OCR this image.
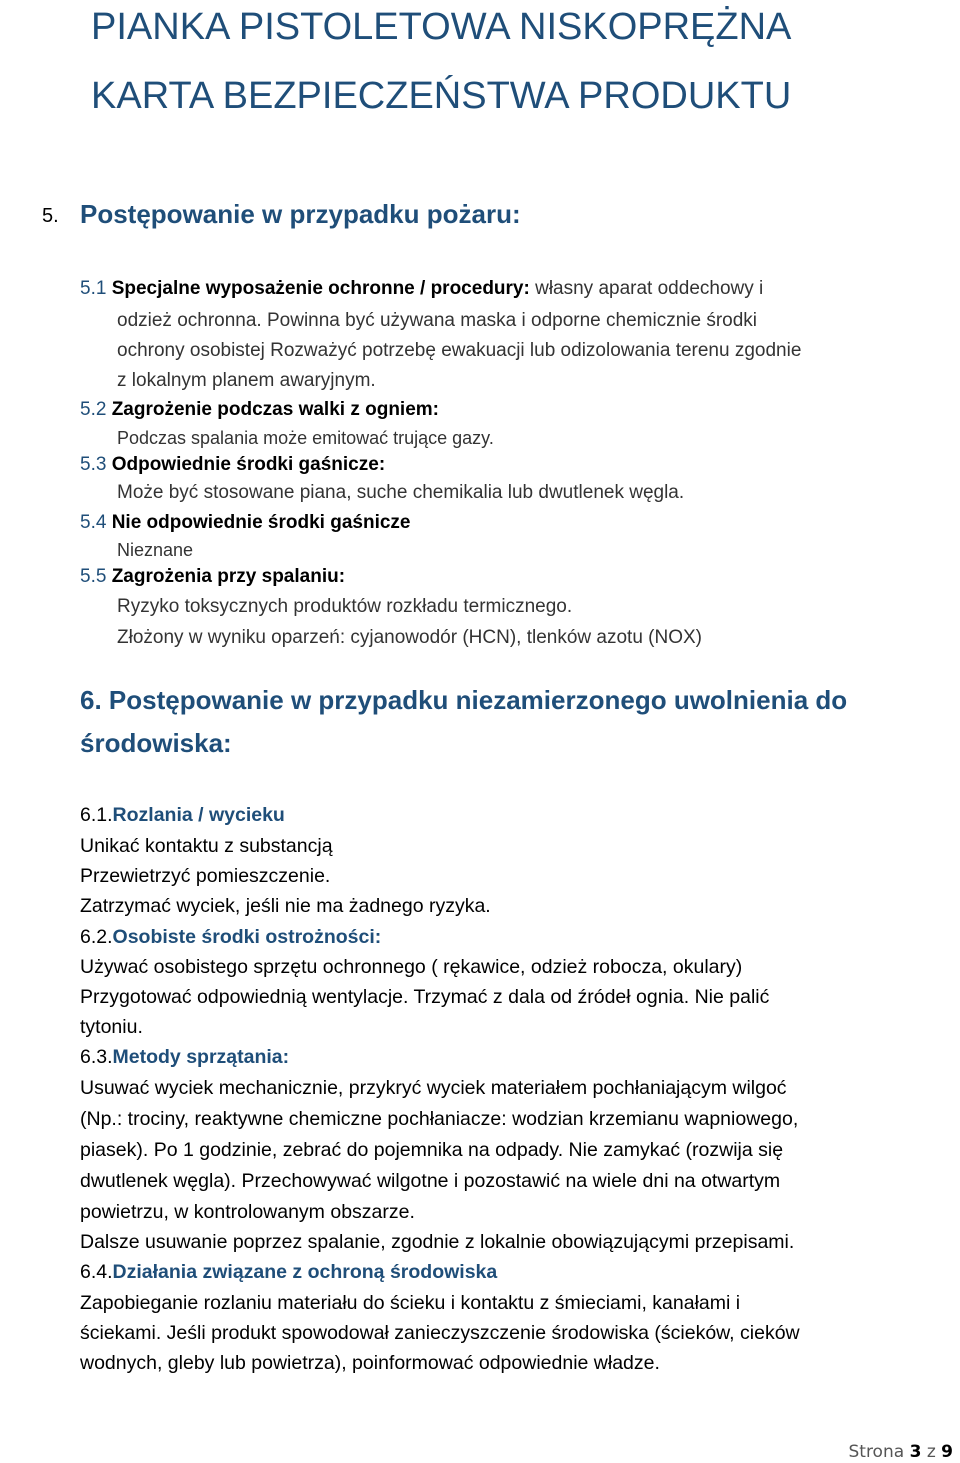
PIANKA PISTOLETOWA NISKOPRĘŻNA
KARTA BEZPIECZEŃSTWA PRODUKTU
5. Postępowanie w przypadku pożaru:
5.1 Specjalne wyposażenie ochronne / procedury: własny aparat oddechowy i
odzież ochronna. Powinna być używana maska i odporne chemicznie środki
ochrony osobistej Rozważyć potrzebę ewakuacji lub odizolowania terenu zgodnie
z lokalnym planem awaryjnym.
5.2 Zagrożenie podczas walki z ogniem:
Podczas spalania może emitować trujące gazy.
5.3 Odpowiednie środki gaśnicze:
Może być stosowane piana, suche chemikalia lub dwutlenek węgla.
5.4 Nie odpowiednie środki gaśnicze
Nieznane
5.5 Zagrożenia przy spalaniu:
Ryzyko toksycznych produktów rozkładu termicznego.
Złożony w wyniku oparzeń: cyjanowodór (HCN), tlenków azotu (NOX)
6. Postępowanie w przypadku niezamierzonego uwolnienia do
środowiska:
6.1.Rozlania / wycieku
Unikać kontaktu z substancją
Przewietrzyć pomieszczenie.
Zatrzymać wyciek, jeśli nie ma żadnego ryzyka.
6.2.Osobiste środki ostrożności:
Używać osobistego sprzętu ochronnego ( rękawice, odzież robocza, okulary)
Przygotować odpowiednią wentylacje. Trzymać z dala od źródeł ognia. Nie palić
tytoniu.
6.3.Metody sprzątania:
Usuwać wyciek mechanicznie, przykryć wyciek materiałem pochłaniającym wilgoć
(Np.: trociny, reaktywne chemiczne pochłaniacze: wodzian krzemianu wapniowego,
piasek). Po 1 godzinie, zebrać do pojemnika na odpady. Nie zamykać (rozwija się
dwutlenek węgla). Przechowywać wilgotne i pozostawić na wiele dni na otwartym
powietrzu, w kontrolowanym obszarze.
Dalsze usuwanie poprzez spalanie, zgodnie z lokalnie obowiązującymi przepisami.
6.4.Działania związane z ochroną środowiska
Zapobieganie rozlaniu materiału do ścieku i kontaktu z śmieciami, kanałami i
ściekami. Jeśli produkt spowodował zanieczyszczenie środowiska (ścieków, cieków
wodnych, gleby lub powietrza), poinformować odpowiednie władze.
Strona 3 z 9
